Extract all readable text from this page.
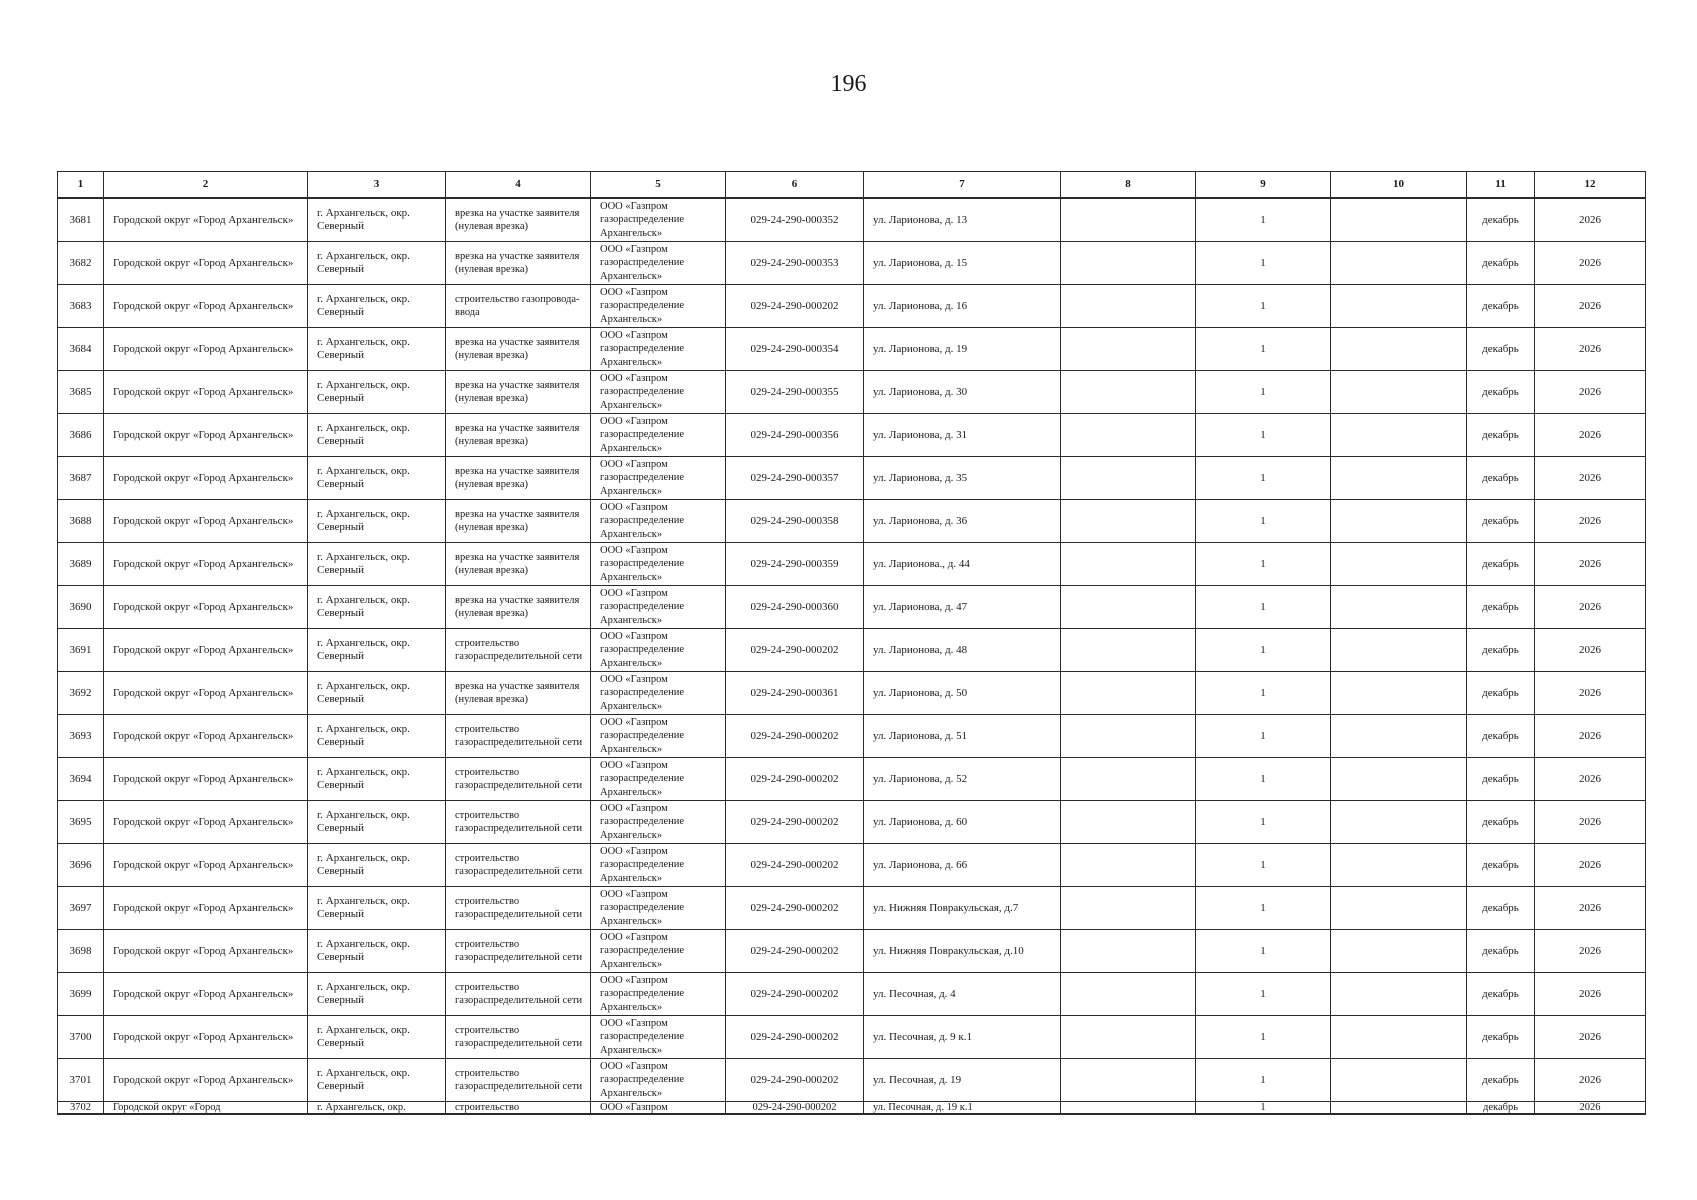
196
1	2	3	4	5	6	7	8	9	10	11	12
3681	Городской округ «Город Архангельск»	г. Архангельск, окр. Северный	врезка на участке заявителя (нулевая врезка)	ООО «Газпром газораспределение Архангельск»	029-24-290-000352	ул. Ларионова, д. 13		1		декабрь	2026
3682	Городской округ «Город Архангельск»	г. Архангельск, окр. Северный	врезка на участке заявителя (нулевая врезка)	ООО «Газпром газораспределение Архангельск»	029-24-290-000353	ул. Ларионова, д. 15		1		декабрь	2026
3683	Городской округ «Город Архангельск»	г. Архангельск, окр. Северный	строительство газопровода-ввода	ООО «Газпром газораспределение Архангельск»	029-24-290-000202	ул. Ларионова, д. 16		1		декабрь	2026
3684	Городской округ «Город Архангельск»	г. Архангельск, окр. Северный	врезка на участке заявителя (нулевая врезка)	ООО «Газпром газораспределение Архангельск»	029-24-290-000354	ул. Ларионова, д. 19		1		декабрь	2026
3685	Городской округ «Город Архангельск»	г. Архангельск, окр. Северный	врезка на участке заявителя (нулевая врезка)	ООО «Газпром газораспределение Архангельск»	029-24-290-000355	ул. Ларионова, д. 30		1		декабрь	2026
3686	Городской округ «Город Архангельск»	г. Архангельск, окр. Северный	врезка на участке заявителя (нулевая врезка)	ООО «Газпром газораспределение Архангельск»	029-24-290-000356	ул. Ларионова, д. 31		1		декабрь	2026
3687	Городской округ «Город Архангельск»	г. Архангельск, окр. Северный	врезка на участке заявителя (нулевая врезка)	ООО «Газпром газораспределение Архангельск»	029-24-290-000357	ул. Ларионова, д. 35		1		декабрь	2026
3688	Городской округ «Город Архангельск»	г. Архангельск, окр. Северный	врезка на участке заявителя (нулевая врезка)	ООО «Газпром газораспределение Архангельск»	029-24-290-000358	ул. Ларионова, д. 36		1		декабрь	2026
3689	Городской округ «Город Архангельск»	г. Архангельск, окр. Северный	врезка на участке заявителя (нулевая врезка)	ООО «Газпром газораспределение Архангельск»	029-24-290-000359	ул. Ларионова., д. 44		1		декабрь	2026
3690	Городской округ «Город Архангельск»	г. Архангельск, окр. Северный	врезка на участке заявителя (нулевая врезка)	ООО «Газпром газораспределение Архангельск»	029-24-290-000360	ул. Ларионова, д. 47		1		декабрь	2026
3691	Городской округ «Город Архангельск»	г. Архангельск, окр. Северный	строительство газораспределительной сети	ООО «Газпром газораспределение Архангельск»	029-24-290-000202	ул. Ларионова, д. 48		1		декабрь	2026
3692	Городской округ «Город Архангельск»	г. Архангельск, окр. Северный	врезка на участке заявителя (нулевая врезка)	ООО «Газпром газораспределение Архангельск»	029-24-290-000361	ул. Ларионова, д. 50		1		декабрь	2026
3693	Городской округ «Город Архангельск»	г. Архангельск, окр. Северный	строительство газораспределительной сети	ООО «Газпром газораспределение Архангельск»	029-24-290-000202	ул. Ларионова, д. 51		1		декабрь	2026
3694	Городской округ «Город Архангельск»	г. Архангельск, окр. Северный	строительство газораспределительной сети	ООО «Газпром газораспределение Архангельск»	029-24-290-000202	ул. Ларионова, д. 52		1		декабрь	2026
3695	Городской округ «Город Архангельск»	г. Архангельск, окр. Северный	строительство газораспределительной сети	ООО «Газпром газораспределение Архангельск»	029-24-290-000202	ул. Ларионова, д. 60		1		декабрь	2026
3696	Городской округ «Город Архангельск»	г. Архангельск, окр. Северный	строительство газораспределительной сети	ООО «Газпром газораспределение Архангельск»	029-24-290-000202	ул. Ларионова, д. 66		1		декабрь	2026
3697	Городской округ «Город Архангельск»	г. Архангельск, окр. Северный	строительство газораспределительной сети	ООО «Газпром газораспределение Архангельск»	029-24-290-000202	ул. Нижняя Повракульская, д.7		1		декабрь	2026
3698	Городской округ «Город Архангельск»	г. Архангельск, окр. Северный	строительство газораспределительной сети	ООО «Газпром газораспределение Архангельск»	029-24-290-000202	ул. Нижняя Повракульская, д.10		1		декабрь	2026
3699	Городской округ «Город Архангельск»	г. Архангельск, окр. Северный	строительство газораспределительной сети	ООО «Газпром газораспределение Архангельск»	029-24-290-000202	ул. Песочная, д. 4		1		декабрь	2026
3700	Городской округ «Город Архангельск»	г. Архангельск, окр. Северный	строительство газораспределительной сети	ООО «Газпром газораспределение Архангельск»	029-24-290-000202	ул. Песочная, д. 9 к.1		1		декабрь	2026
3701	Городской округ «Город Архангельск»	г. Архангельск, окр. Северный	строительство газораспределительной сети	ООО «Газпром газораспределение Архангельск»	029-24-290-000202	ул. Песочная, д. 19		1		декабрь	2026
3702	Городской округ «Город	г. Архангельск, окр.	строительство	ООО «Газпром	029-24-290-000202	ул. Песочная, д. 19 к.1		1		декабрь	2026
